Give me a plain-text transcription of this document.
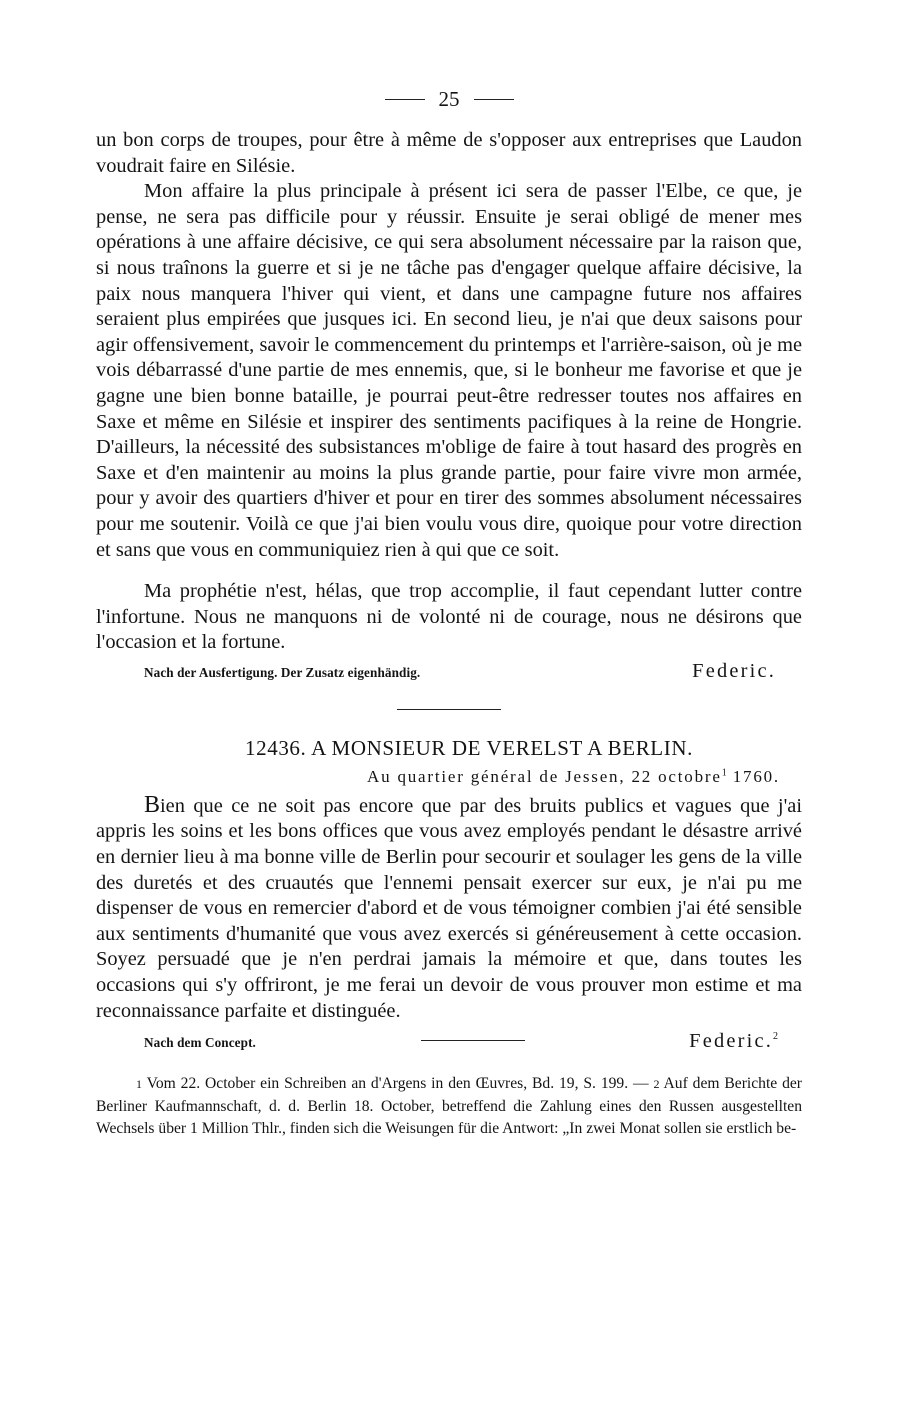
25

un bon corps de troupes, pour être à même de s'opposer aux entreprises que Laudon voudrait faire en Silésie.

Mon affaire la plus principale à présent ici sera de passer l'Elbe, ce que, je pense, ne sera pas difficile pour y réussir. Ensuite je serai obligé de mener mes opérations à une affaire décisive, ce qui sera absolument nécessaire par la raison que, si nous traînons la guerre et si je ne tâche pas d'engager quelque affaire décisive, la paix nous manquera l'hiver qui vient, et dans une campagne future nos affaires seraient plus empirées que jusques ici. En second lieu, je n'ai que deux saisons pour agir offensivement, savoir le commencement du printemps et l'arrière-saison, où je me vois débarrassé d'une partie de mes ennemis, que, si le bonheur me favorise et que je gagne une bien bonne bataille, je pourrai peut-être redresser toutes nos affaires en Saxe et même en Silésie et inspirer des sentiments pacifiques à la reine de Hongrie. D'ailleurs, la nécessité des subsistances m'oblige de faire à tout hasard des progrès en Saxe et d'en maintenir au moins la plus grande partie, pour faire vivre mon armée, pour y avoir des quartiers d'hiver et pour en tirer des sommes absolument nécessaires pour me soutenir. Voilà ce que j'ai bien voulu vous dire, quoique pour votre direction et sans que vous en communiquiez rien à qui que ce soit.

Ma prophétie n'est, hélas, que trop accomplie, il faut cependant lutter contre l'infortune. Nous ne manquons ni de volonté ni de courage, nous ne désirons que l'occasion et la fortune.

Nach der Ausfertigung. Der Zusatz eigenhändig.	Federic.
12436. A MONSIEUR DE VERELST A BERLIN.
Au quartier général de Jessen, 22 octobre$^1$ 1760.

Bien que ce ne soit pas encore que par des bruits publics et vagues que j'ai appris les soins et les bons offices que vous avez employés pendant le désastre arrivé en dernier lieu à ma bonne ville de Berlin pour secourir et soulager les gens de la ville des duretés et des cruautés que l'ennemi pensait exercer sur eux, je n'ai pu me dispenser de vous en remercier d'abord et de vous témoigner combien j'ai été sensible aux sentiments d'humanité que vous avez exercés si généreusement à cette occasion. Soyez persuadé que je n'en perdrai jamais la mémoire et que, dans toutes les occasions qui s'y offriront, je me ferai un devoir de vous prouver mon estime et ma reconnaissance parfaite et distinguée.

Nach dem Concept.	Federic.$^2$
1 Vom 22. October ein Schreiben an d'Argens in den Œuvres, Bd. 19, S. 199. — 2 Auf dem Berichte der Berliner Kaufmannschaft, d. d. Berlin 18. October, betreffend die Zahlung eines den Russen ausgestellten Wechsels über 1 Million Thlr., finden sich die Weisungen für die Antwort: „In zwei Monat sollen sie erstlich be-
